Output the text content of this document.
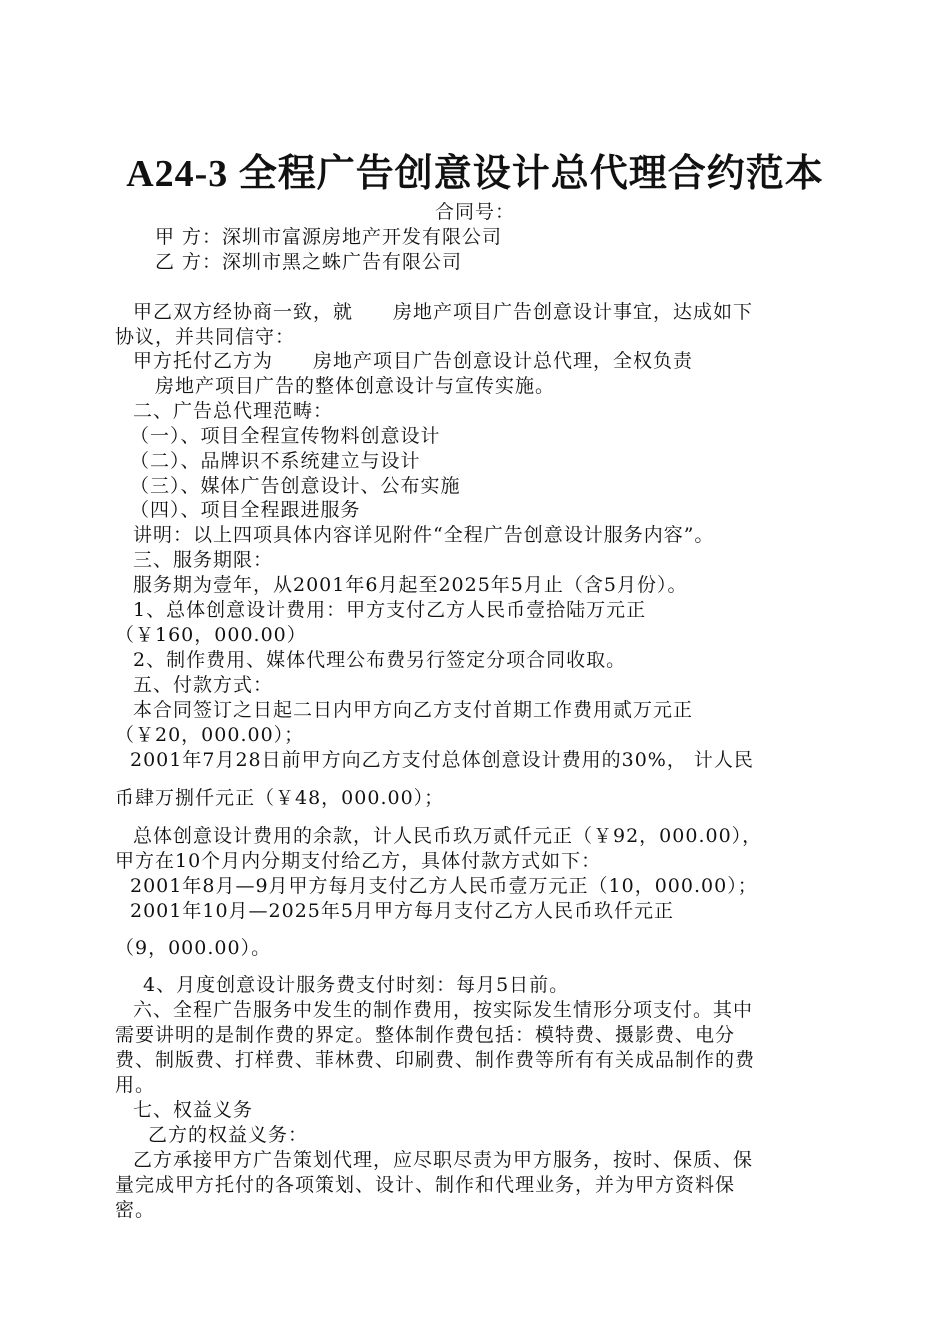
A24-3 全程广告创意设计总代理合约范本
合同号：
甲 方：深圳市富源房地产开发有限公司
乙 方：深圳市黑之蛛广告有限公司
甲乙双方经协商一致，就　　房地产项目广告创意设计事宜，达成如下
协议，并共同信守：
甲方托付乙方为　　房地产项目广告创意设计总代理，全权负责
房地产项目广告的整体创意设计与宣传实施。
二、广告总代理范畴：
（一）、项目全程宣传物料创意设计
（二）、品牌识不系统建立与设计
（三）、媒体广告创意设计、公布实施
（四）、项目全程跟进服务
讲明：以上四项具体内容详见附件“全程广告创意设计服务内容”。
三、服务期限：
服务期为壹年，从2001年6月起至2025年5月止（含5月份）。
1、总体创意设计费用：甲方支付乙方人民币壹拾陆万元正
（￥160，000.00）
2、制作费用、媒体代理公布费另行签定分项合同收取。
五、付款方式：
本合同签订之日起二日内甲方向乙方支付首期工作费用贰万元正
（￥20，000.00）；
2001年7月28日前甲方向乙方支付总体创意设计费用的30%， 计人民
币肆万捌仟元正（￥48，000.00）；
总体创意设计费用的余款，计人民币玖万贰仟元正（￥92，000.00），
甲方在10个月内分期支付给乙方，具体付款方式如下：
2001年8月—9月甲方每月支付乙方人民币壹万元正（10，000.00）；
2001年10月—2025年5月甲方每月支付乙方人民币玖仟元正
（9，000.00）。
4、月度创意设计服务费支付时刻：每月5日前。
六、全程广告服务中发生的制作费用，按实际发生情形分项支付。其中
需要讲明的是制作费的界定。整体制作费包括：模特费、摄影费、电分
费、制版费、打样费、菲林费、印刷费、制作费等所有有关成品制作的费
用。
七、权益义务
乙方的权益义务：
乙方承接甲方广告策划代理，应尽职尽责为甲方服务，按时、保质、保
量完成甲方托付的各项策划、设计、制作和代理业务，并为甲方资料保
密。
